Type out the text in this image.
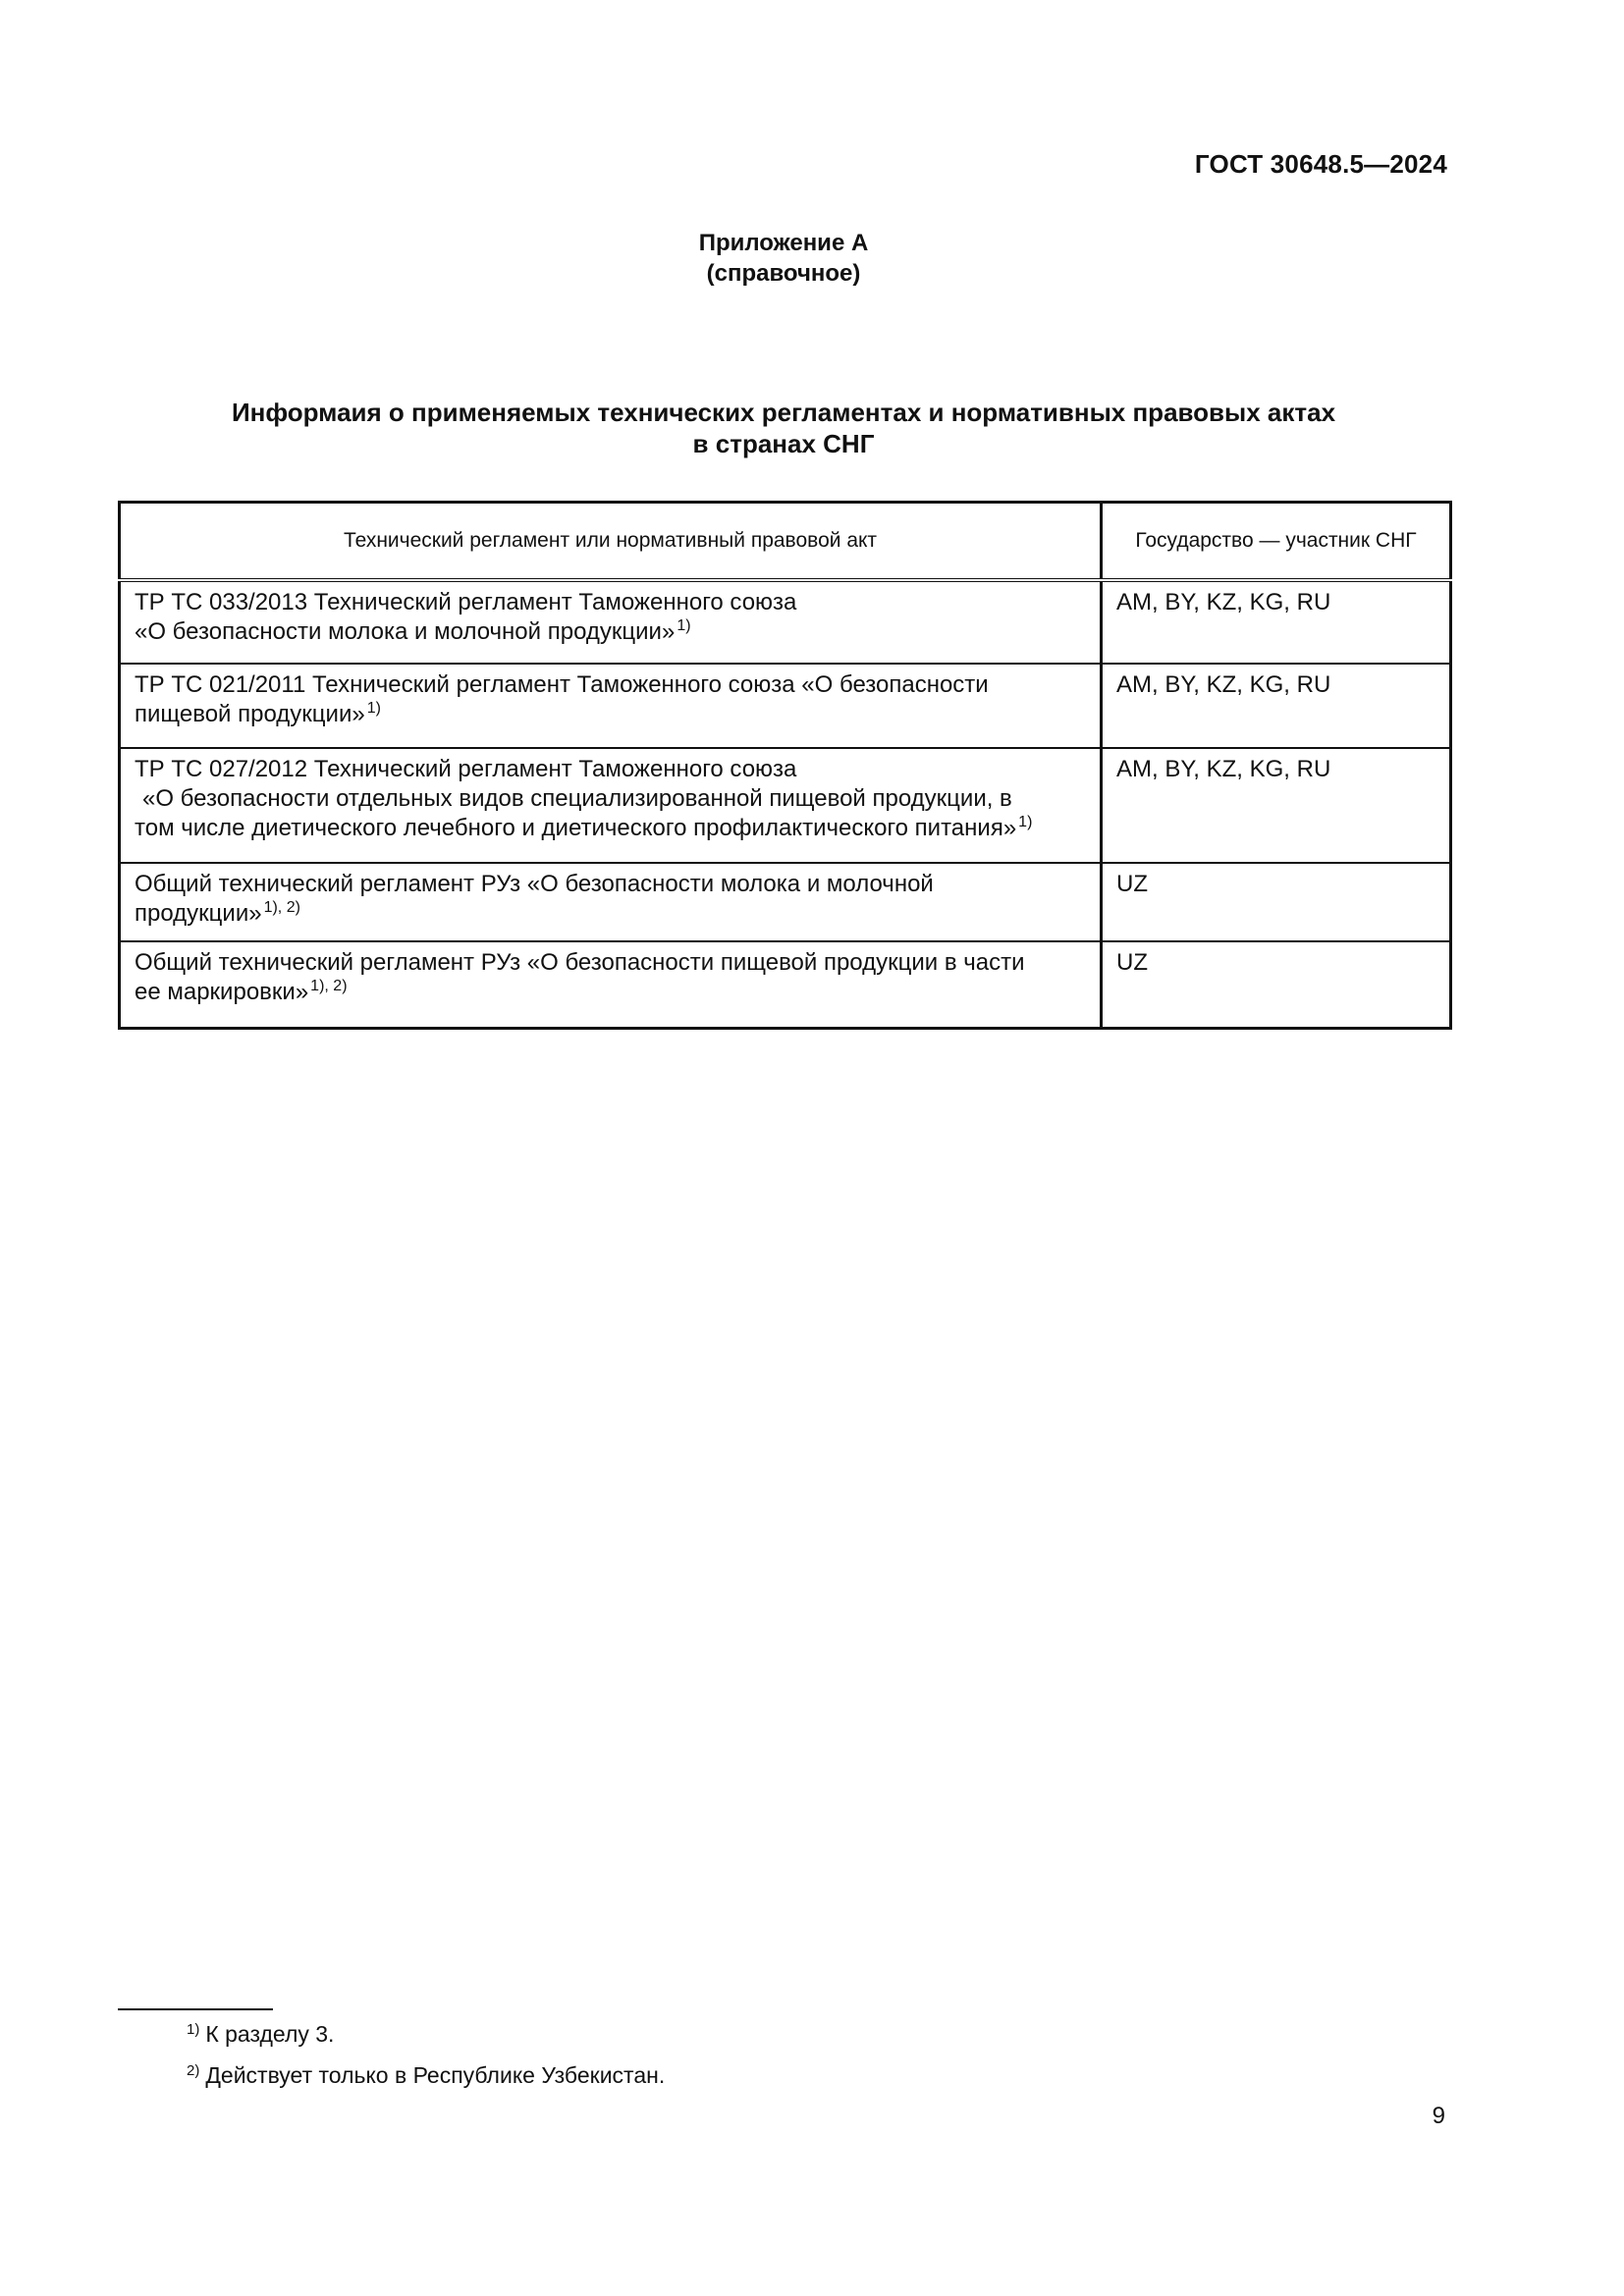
ГОСТ 30648.5—2024
Приложение А
(справочное)
Информаия о применяемых технических регламентах и нормативных правовых актах
в странах СНГ
Технический регламент или нормативный правовой акт	Государство — участник СНГ

ТР ТС 033/2013 Технический регламент Таможенного союза
«О безопасности молока и молочной продукции» $^{1)}$	AM, BY, KZ, KG, RU

ТР ТС 021/2011 Технический регламент Таможенного союза «О безопасности
пищевой продукции» $^{1)}$	AM, BY, KZ, KG, RU

ТР ТС 027/2012 Технический регламент Таможенного союза
«О безопасности отдельных видов специализированной пищевой продукции, в
том числе диетического лечебного и диетического профилактического питания» $^{1)}$	AM, BY, KZ, KG, RU

Общий технический регламент РУз «О безопасности молока и молочной
продукции» $^{1), 2)}$	UZ

Общий технический регламент РУз «О безопасности пищевой продукции в части
ее маркировки» $^{1), 2)}$	UZ
$^{1)}$ К разделу 3.
$^{2)}$ Действует только в Республике Узбекистан.
9
